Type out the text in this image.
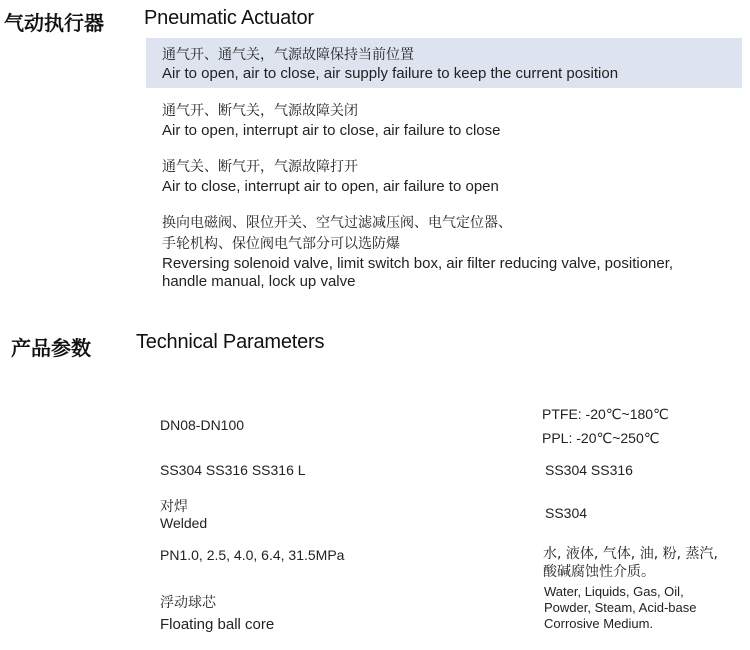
气动执行器 Pneumatic Actuator
通气开、通气关，气源故障保持当前位置
Air to open, air to close, air supply failure to keep the current position
通气开、断气关，气源故障关闭
Air to open, interrupt air to close, air failure to close
通气关、断气开，气源故障打开
Air to close, interrupt air to open, air failure to open
换向电磁阀、限位开关、空气过滤减压阀、电气定位器、
手轮机构、保位阀电气部分可以选防爆
Reversing solenoid valve, limit switch box, air filter reducing valve, positioner,
handle manual, lock up valve
产品参数 Technical Parameters
DN08-DN100
SS304 SS316 SS316 L
对焊
Welded
PN1.0, 2.5, 4.0, 6.4, 31.5MPa
浮动球芯
Floating ball core
PTFE: -20℃~180℃
PPL: -20℃~250℃
SS304 SS316
SS304
水, 液体, 气体, 油, 粉, 蒸汽,
酸碱腐蚀性介质。
Water, Liquids, Gas, Oil,
Powder, Steam, Acid-base
Corrosive Medium.
